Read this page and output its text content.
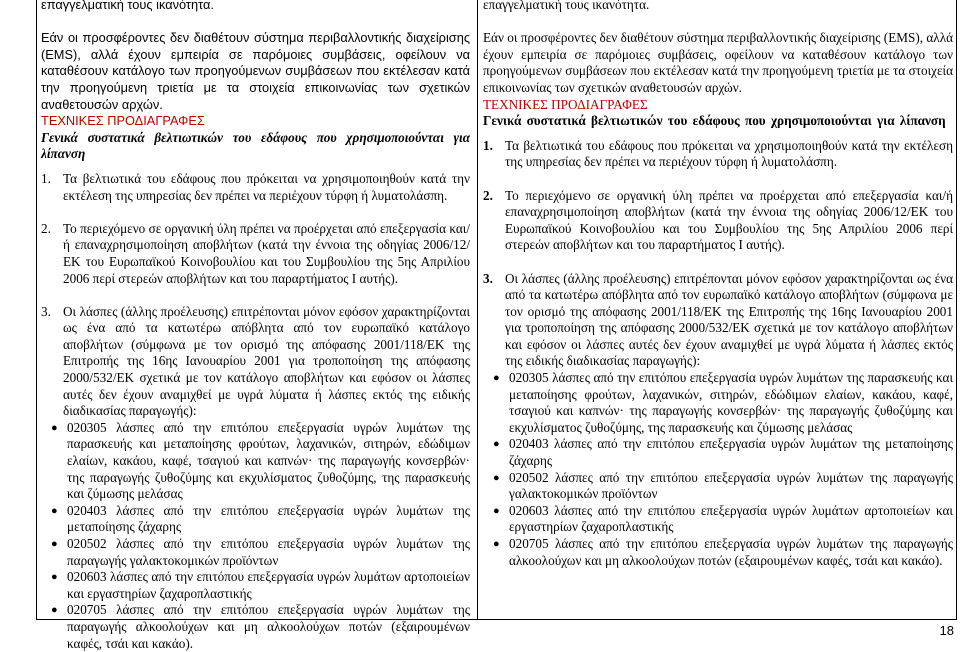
επαγγελματική τους ικανότητα.

Εάν οι προσφέροντες δεν διαθέτουν σύστημα περιβαλλοντικής διαχείρισης (EMS), αλλά έχουν εμπειρία σε παρόμοιες συμβάσεις, οφείλουν να καταθέσουν κατάλογο των προηγούμενων συμβάσεων που εκτέλεσαν κατά την προηγούμενη τριετία με τα στοιχεία επικοινωνίας των σχετικών αναθετουσών αρχών.

ΤΕΧΝΙΚΕΣ ΠΡΟΔΙΑΓΡΑΦΕΣ

Γενικά συστατικά βελτιωτικών του εδάφους που χρησιμοποιούνται για λίπανση

1. Τα βελτιωτικά του εδάφους που πρόκειται να χρησιμοποιηθούν κατά την εκτέλεση της υπηρεσίας δεν πρέπει να περιέχουν τύρφη ή λυματολάσπη.
2. Το περιεχόμενο σε οργανική ύλη πρέπει να προέρχεται από επεξεργασία και/ή επαναχρησιμοποίηση αποβλήτων (κατά την έννοια της οδηγίας 2006/12/ΕΚ του Ευρωπαϊκού Κοινοβουλίου και του Συμβουλίου της 5ης Απριλίου 2006 περί στερεών αποβλήτων και του παραρτήματος Ι αυτής).
3. Οι λάσπες (άλλης προέλευσης) επιτρέπονται μόνον εφόσον χαρακτηρίζονται ως ένα από τα κατωτέρω απόβλητα από τον ευρωπαϊκό κατάλογο αποβλήτων (σύμφωνα με τον ορισμό της απόφασης 2001/118/ΕΚ της Επιτροπής της 16ης Ιανουαρίου 2001 για τροποποίηση της απόφασης 2000/532/ΕΚ σχετικά με τον κατάλογο αποβλήτων και εφόσον οι λάσπες αυτές δεν έχουν αναμιχθεί με υγρά λύματα ή λάσπες εκτός της ειδικής διαδικασίας παραγωγής):
● 020305 λάσπες από την επιτόπου επεξεργασία υγρών λυμάτων της παρασκευής και μεταποίησης φρούτων, λαχανικών, σιτηρών, εδώδιμων ελαίων, κακάου, καφέ, τσαγιού και καπνών· της παραγωγής κονσερβών· της παραγωγής ζυθοζύμης και εκχυλίσματος ζυθοζύμης, της παρασκευής και ζύμωσης μελάσας
● 020403 λάσπες από την επιτόπου επεξεργασία υγρών λυμάτων της μεταποίησης ζάχαρης
● 020502 λάσπες από την επιτόπου επεξεργασία υγρών λυμάτων της παραγωγής γαλακτοκομικών προϊόντων
● 020603 λάσπες από την επιτόπου επεξεργασία υγρών λυμάτων αρτοποιείων και εργαστηρίων ζαχαροπλαστικής
● 020705 λάσπες από την επιτόπου επεξεργασία υγρών λυμάτων της παραγωγής αλκοολούχων και μη αλκοολούχων ποτών (εξαιρουμένων καφές, τσάι και κακάο).

επαγγελματική τους ικανότητα.

Εάν οι προσφέροντες δεν διαθέτουν σύστημα περιβαλλοντικής διαχείρισης (EMS), αλλά έχουν εμπειρία σε παρόμοιες συμβάσεις, οφείλουν να καταθέσουν κατάλογο των προηγούμενων συμβάσεων που εκτέλεσαν κατά την προηγούμενη τριετία με τα στοιχεία επικοινωνίας των σχετικών αναθετουσών αρχών.

ΤΕΧΝΙΚΕΣ ΠΡΟΔΙΑΓΡΑΦΕΣ

Γενικά συστατικά βελτιωτικών του εδάφους που χρησιμοποιούνται για λίπανση

1. Τα βελτιωτικά του εδάφους που πρόκειται να χρησιμοποιηθούν κατά την εκτέλεση της υπηρεσίας δεν πρέπει να περιέχουν τύρφη ή λυματολάσπη.
2. Το περιεχόμενο σε οργανική ύλη πρέπει να προέρχεται από επεξεργασία και/ή επαναχρησιμοποίηση αποβλήτων (κατά την έννοια της οδηγίας 2006/12/ΕΚ του Ευρωπαϊκού Κοινοβουλίου και του Συμβουλίου της 5ης Απριλίου 2006 περί στερεών αποβλήτων και του παραρτήματος Ι αυτής).
3. Οι λάσπες (άλλης προέλευσης) επιτρέπονται μόνον εφόσον χαρακτηρίζονται ως ένα από τα κατωτέρω απόβλητα από τον ευρωπαϊκό κατάλογο αποβλήτων (σύμφωνα με τον ορισμό της απόφασης 2001/118/ΕΚ της Επιτροπής της 16ης Ιανουαρίου 2001 για τροποποίηση της απόφασης 2000/532/ΕΚ σχετικά με τον κατάλογο αποβλήτων και εφόσον οι λάσπες αυτές δεν έχουν αναμιχθεί με υγρά λύματα ή λάσπες εκτός της ειδικής διαδικασίας παραγωγής):
● 020305 λάσπες από την επιτόπου επεξεργασία υγρών λυμάτων της παρασκευής και μεταποίησης φρούτων, λαχανικών, σιτηρών, εδώδιμων ελαίων, κακάου, καφέ, τσαγιού και καπνών· της παραγωγής κονσερβών· της παραγωγής ζυθοζύμης και εκχυλίσματος ζυθοζύμης, της παρασκευής και ζύμωσης μελάσας
● 020403 λάσπες από την επιτόπου επεξεργασία υγρών λυμάτων της μεταποίησης ζάχαρης
● 020502 λάσπες από την επιτόπου επεξεργασία υγρών λυμάτων της παραγωγής γαλακτοκομικών προϊόντων
● 020603 λάσπες από την επιτόπου επεξεργασία υγρών λυμάτων αρτοποιείων και εργαστηρίων ζαχαροπλαστικής
● 020705 λάσπες από την επιτόπου επεξεργασία υγρών λυμάτων της παραγωγής αλκοολούχων και μη αλκοολούχων ποτών (εξαιρουμένων καφές, τσάι και κακάο).
18
